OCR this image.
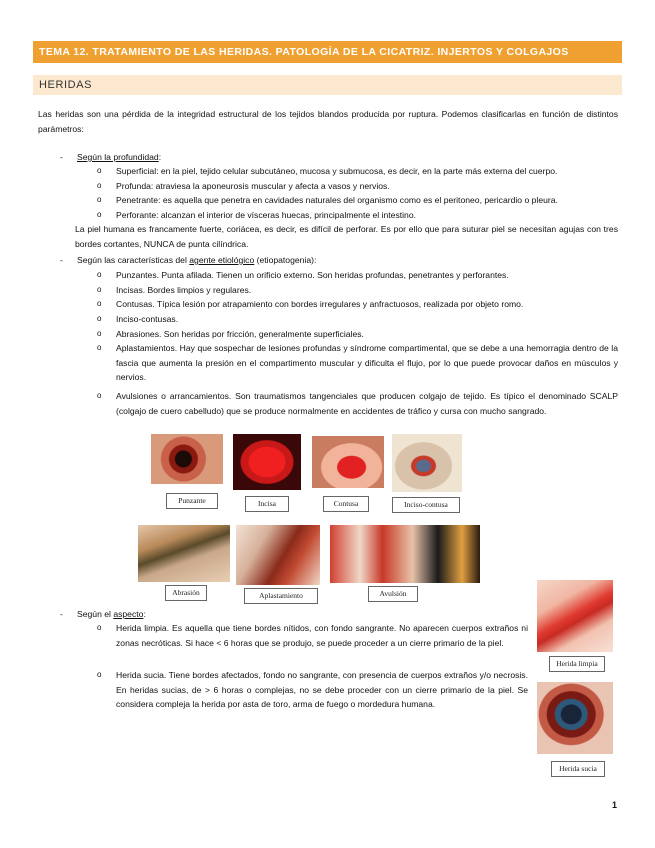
TEMA 12. TRATAMIENTO DE LAS HERIDAS. PATOLOGÍA DE LA CICATRIZ. INJERTOS Y COLGAJOS
HERIDAS
Las heridas son una pérdida de la integridad estructural de los tejidos blandos producida por ruptura. Podemos clasificarlas en función de distintos parámetros:
- Según la profundidad:
o Superficial: en la piel, tejido celular subcutáneo, mucosa y submucosa, es decir, en la parte más externa del cuerpo.
o Profunda: atraviesa la aponeurosis muscular y afecta a vasos y nervios.
o Penetrante: es aquella que penetra en cavidades naturales del organismo como es el peritoneo, pericardio o pleura.
o Perforante: alcanzan el interior de vísceras huecas, principalmente el intestino.
La piel humana es francamente fuerte, coriácea, es decir, es difícil de perforar. Es por ello que para suturar piel se necesitan agujas con tres bordes cortantes, NUNCA de punta cilíndrica.
- Según las características del agente etiológico (etiopatogenia):
o Punzantes. Punta afilada. Tienen un orificio externo. Son heridas profundas, penetrantes y perforantes.
o Incisas. Bordes limpios y regulares.
o Contusas. Típica lesión por atrapamiento con bordes irregulares y anfractuosos, realizada por objeto romo.
o Inciso-contusas.
o Abrasiones. Son heridas por fricción, generalmente superficiales.
o Aplastamientos. Hay que sospechar de lesiones profundas y síndrome compartimental, que se debe a una hemorragia dentro de la fascia que aumenta la presión en el compartimento muscular y dificulta el flujo, por lo que puede provocar daños en músculos y nervios.
o Avulsiones o arrancamientos. Son traumatismos tangenciales que producen colgajo de tejido. Es típico el denominado SCALP (colgajo de cuero cabelludo) que se produce normalmente en accidentes de tráfico y cursa con mucho sangrado.
Punzante	Incisa	Contusa	Inciso-contusa
Abrasión	Aplastamiento	Avulsión
- Según el aspecto:
o Herida limpia. Es aquella que tiene bordes nítidos, con fondo sangrante. No aparecen cuerpos extraños ni zonas necróticas. Si hace < 6 horas que se produjo, se puede proceder a un cierre primario de la piel.
o Herida sucia. Tiene bordes afectados, fondo no sangrante, con presencia de cuerpos extraños y/o necrosis. En heridas sucias, de > 6 horas o complejas, no se debe proceder con un cierre primario de la piel. Se considera compleja la herida por asta de toro, arma de fuego o mordedura humana.
Herida limpia
Herida sucia
1
